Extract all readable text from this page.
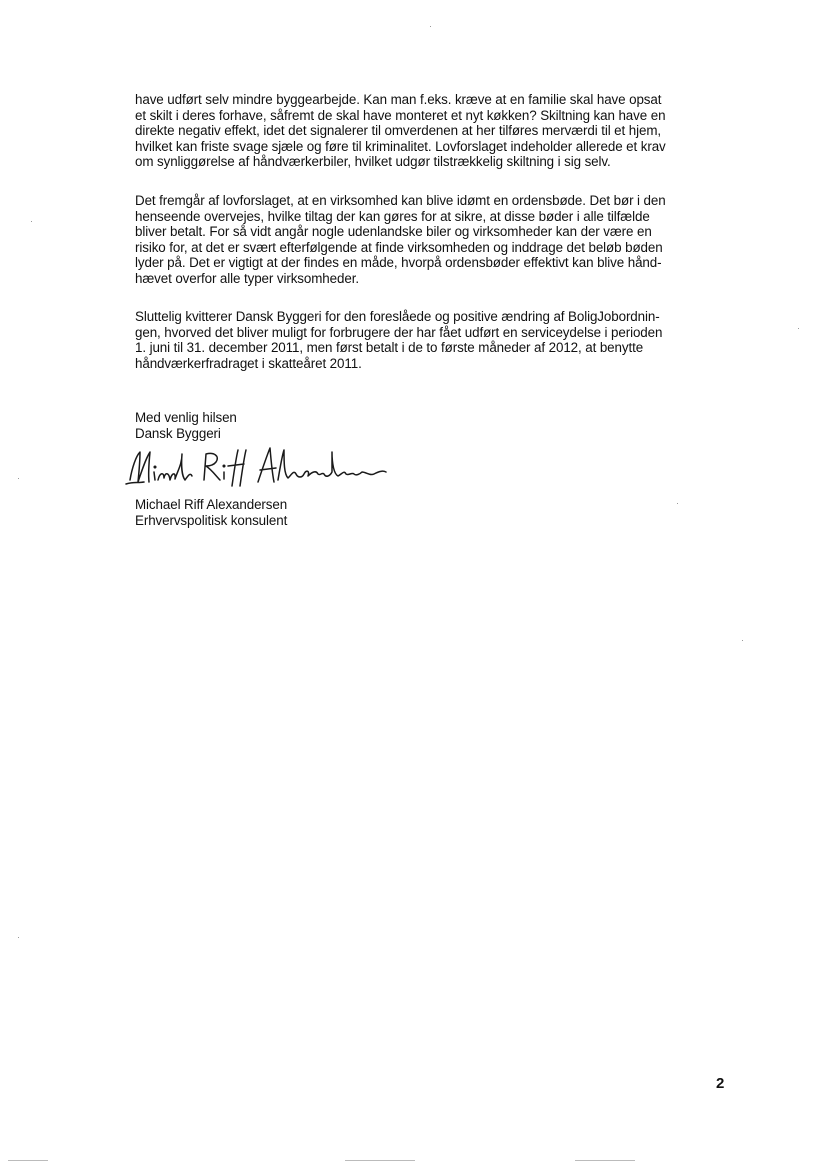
have udført selv mindre byggearbejde. Kan man f.eks. kræve at en familie skal have opsat
et skilt i deres forhave, såfremt de skal have monteret et nyt køkken? Skiltning kan have en
direkte negativ effekt, idet det signalerer til omverdenen at her tilføres merværdi til et hjem,
hvilket kan friste svage sjæle og føre til kriminalitet. Lovforslaget indeholder allerede et krav
om synliggørelse af håndværkerbiler, hvilket udgør tilstrækkelig skiltning i sig selv.

Det fremgår af lovforslaget, at en virksomhed kan blive idømt en ordensbøde. Det bør i den
henseende overvejes, hvilke tiltag der kan gøres for at sikre, at disse bøder i alle tilfælde
bliver betalt. For så vidt angår nogle udenlandske biler og virksomheder kan der være en
risiko for, at det er svært efterfølgende at finde virksomheden og inddrage det beløb bøden
lyder på. Det er vigtigt at der findes en måde, hvorpå ordensbøder effektivt kan blive hånd-
hævet overfor alle typer virksomheder.

Sluttelig kvitterer Dansk Byggeri for den foreslåede og positive ændring af BoligJobordnin-
gen, hvorved det bliver muligt for forbrugere der har fået udført en serviceydelse i perioden
1. juni til 31. december 2011, men først betalt i de to første måneder af 2012, at benytte
håndværkerfradraget i skatteåret 2011.

Med venlig hilsen
Dansk Byggeri
Michael Riff Alexandersen
Erhvervspolitisk konsulent
2
